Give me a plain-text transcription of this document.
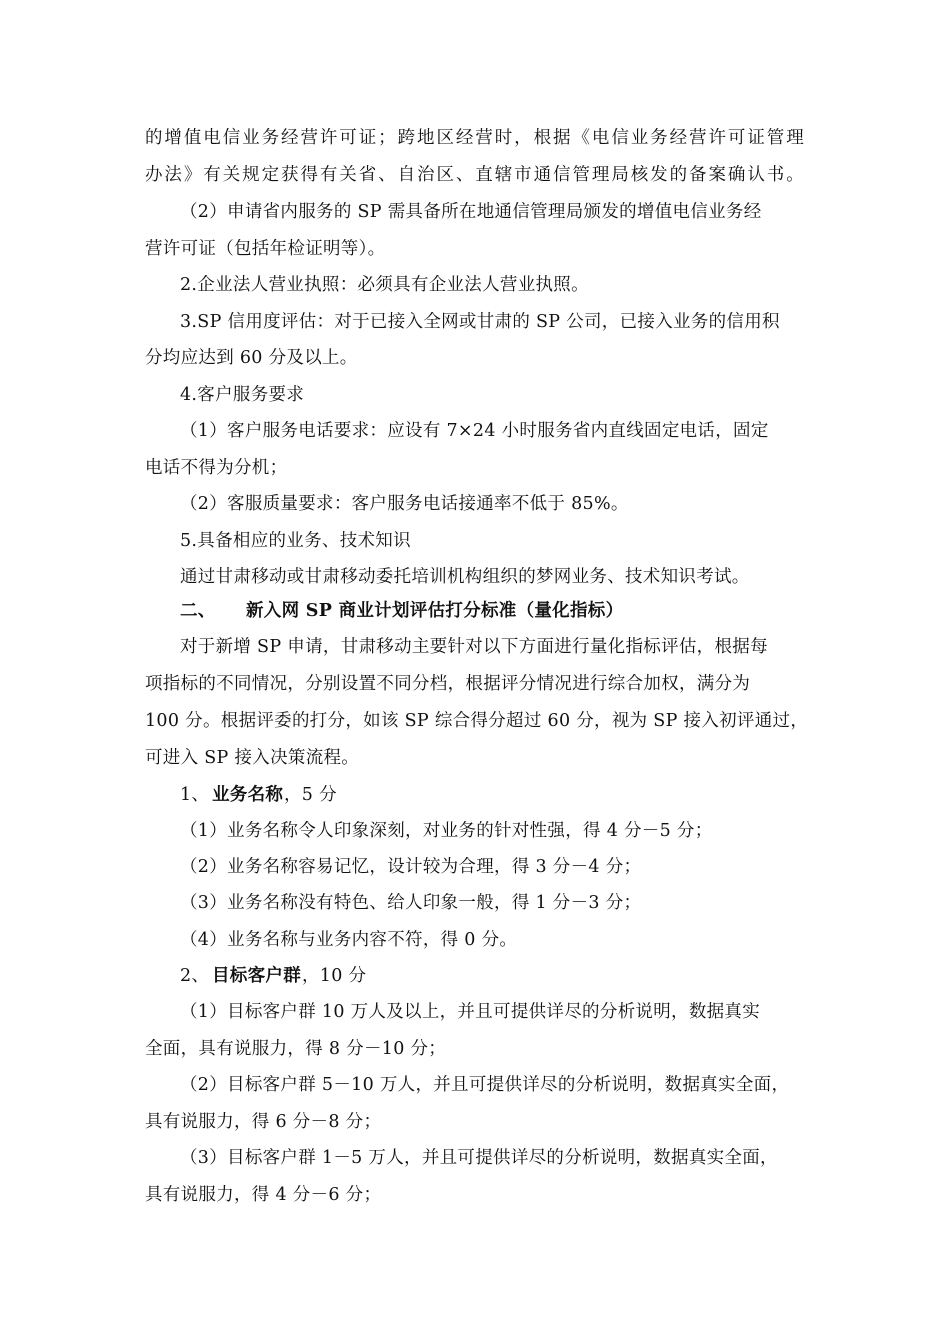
的增值电信业务经营许可证；跨地区经营时，根据《电信业务经营许可证管理
办法》有关规定获得有关省、自治区、直辖市通信管理局核发的备案确认书。
（2）申请省内服务的 SP 需具备所在地通信管理局颁发的增值电信业务经
营许可证（包括年检证明等）。
2.企业法人营业执照：必须具有企业法人营业执照。
3.SP 信用度评估：对于已接入全网或甘肃的 SP 公司，已接入业务的信用积
分均应达到 60 分及以上。
4.客户服务要求
（1）客户服务电话要求：应设有 7×24 小时服务省内直线固定电话，固定
电话不得为分机；
（2）客服质量要求：客户服务电话接通率不低于 85%。
5.具备相应的业务、技术知识
通过甘肃移动或甘肃移动委托培训机构组织的梦网业务、技术知识考试。
二、 新入网 SP 商业计划评估打分标准（量化指标）
对于新增 SP 申请，甘肃移动主要针对以下方面进行量化指标评估，根据每
项指标的不同情况，分别设置不同分档，根据评分情况进行综合加权，满分为
100 分。根据评委的打分，如该 SP 综合得分超过 60 分，视为 SP 接入初评通过，
可进入 SP 接入决策流程。
1、 业务名称 ，5 分
（1）业务名称令人印象深刻，对业务的针对性强，得 4 分－5 分；
（2）业务名称容易记忆，设计较为合理，得 3 分－4 分；
（3）业务名称没有特色、给人印象一般，得 1 分－3 分；
（4）业务名称与业务内容不符，得 0 分。
2、 目标客户群 ，10 分
（1）目标客户群 10 万人及以上，并且可提供详尽的分析说明，数据真实
全面，具有说服力，得 8 分－10 分；
（2）目标客户群 5－10 万人，并且可提供详尽的分析说明，数据真实全面，
具有说服力，得 6 分－8 分；
（3）目标客户群 1－5 万人，并且可提供详尽的分析说明，数据真实全面，
具有说服力，得 4 分－6 分；
